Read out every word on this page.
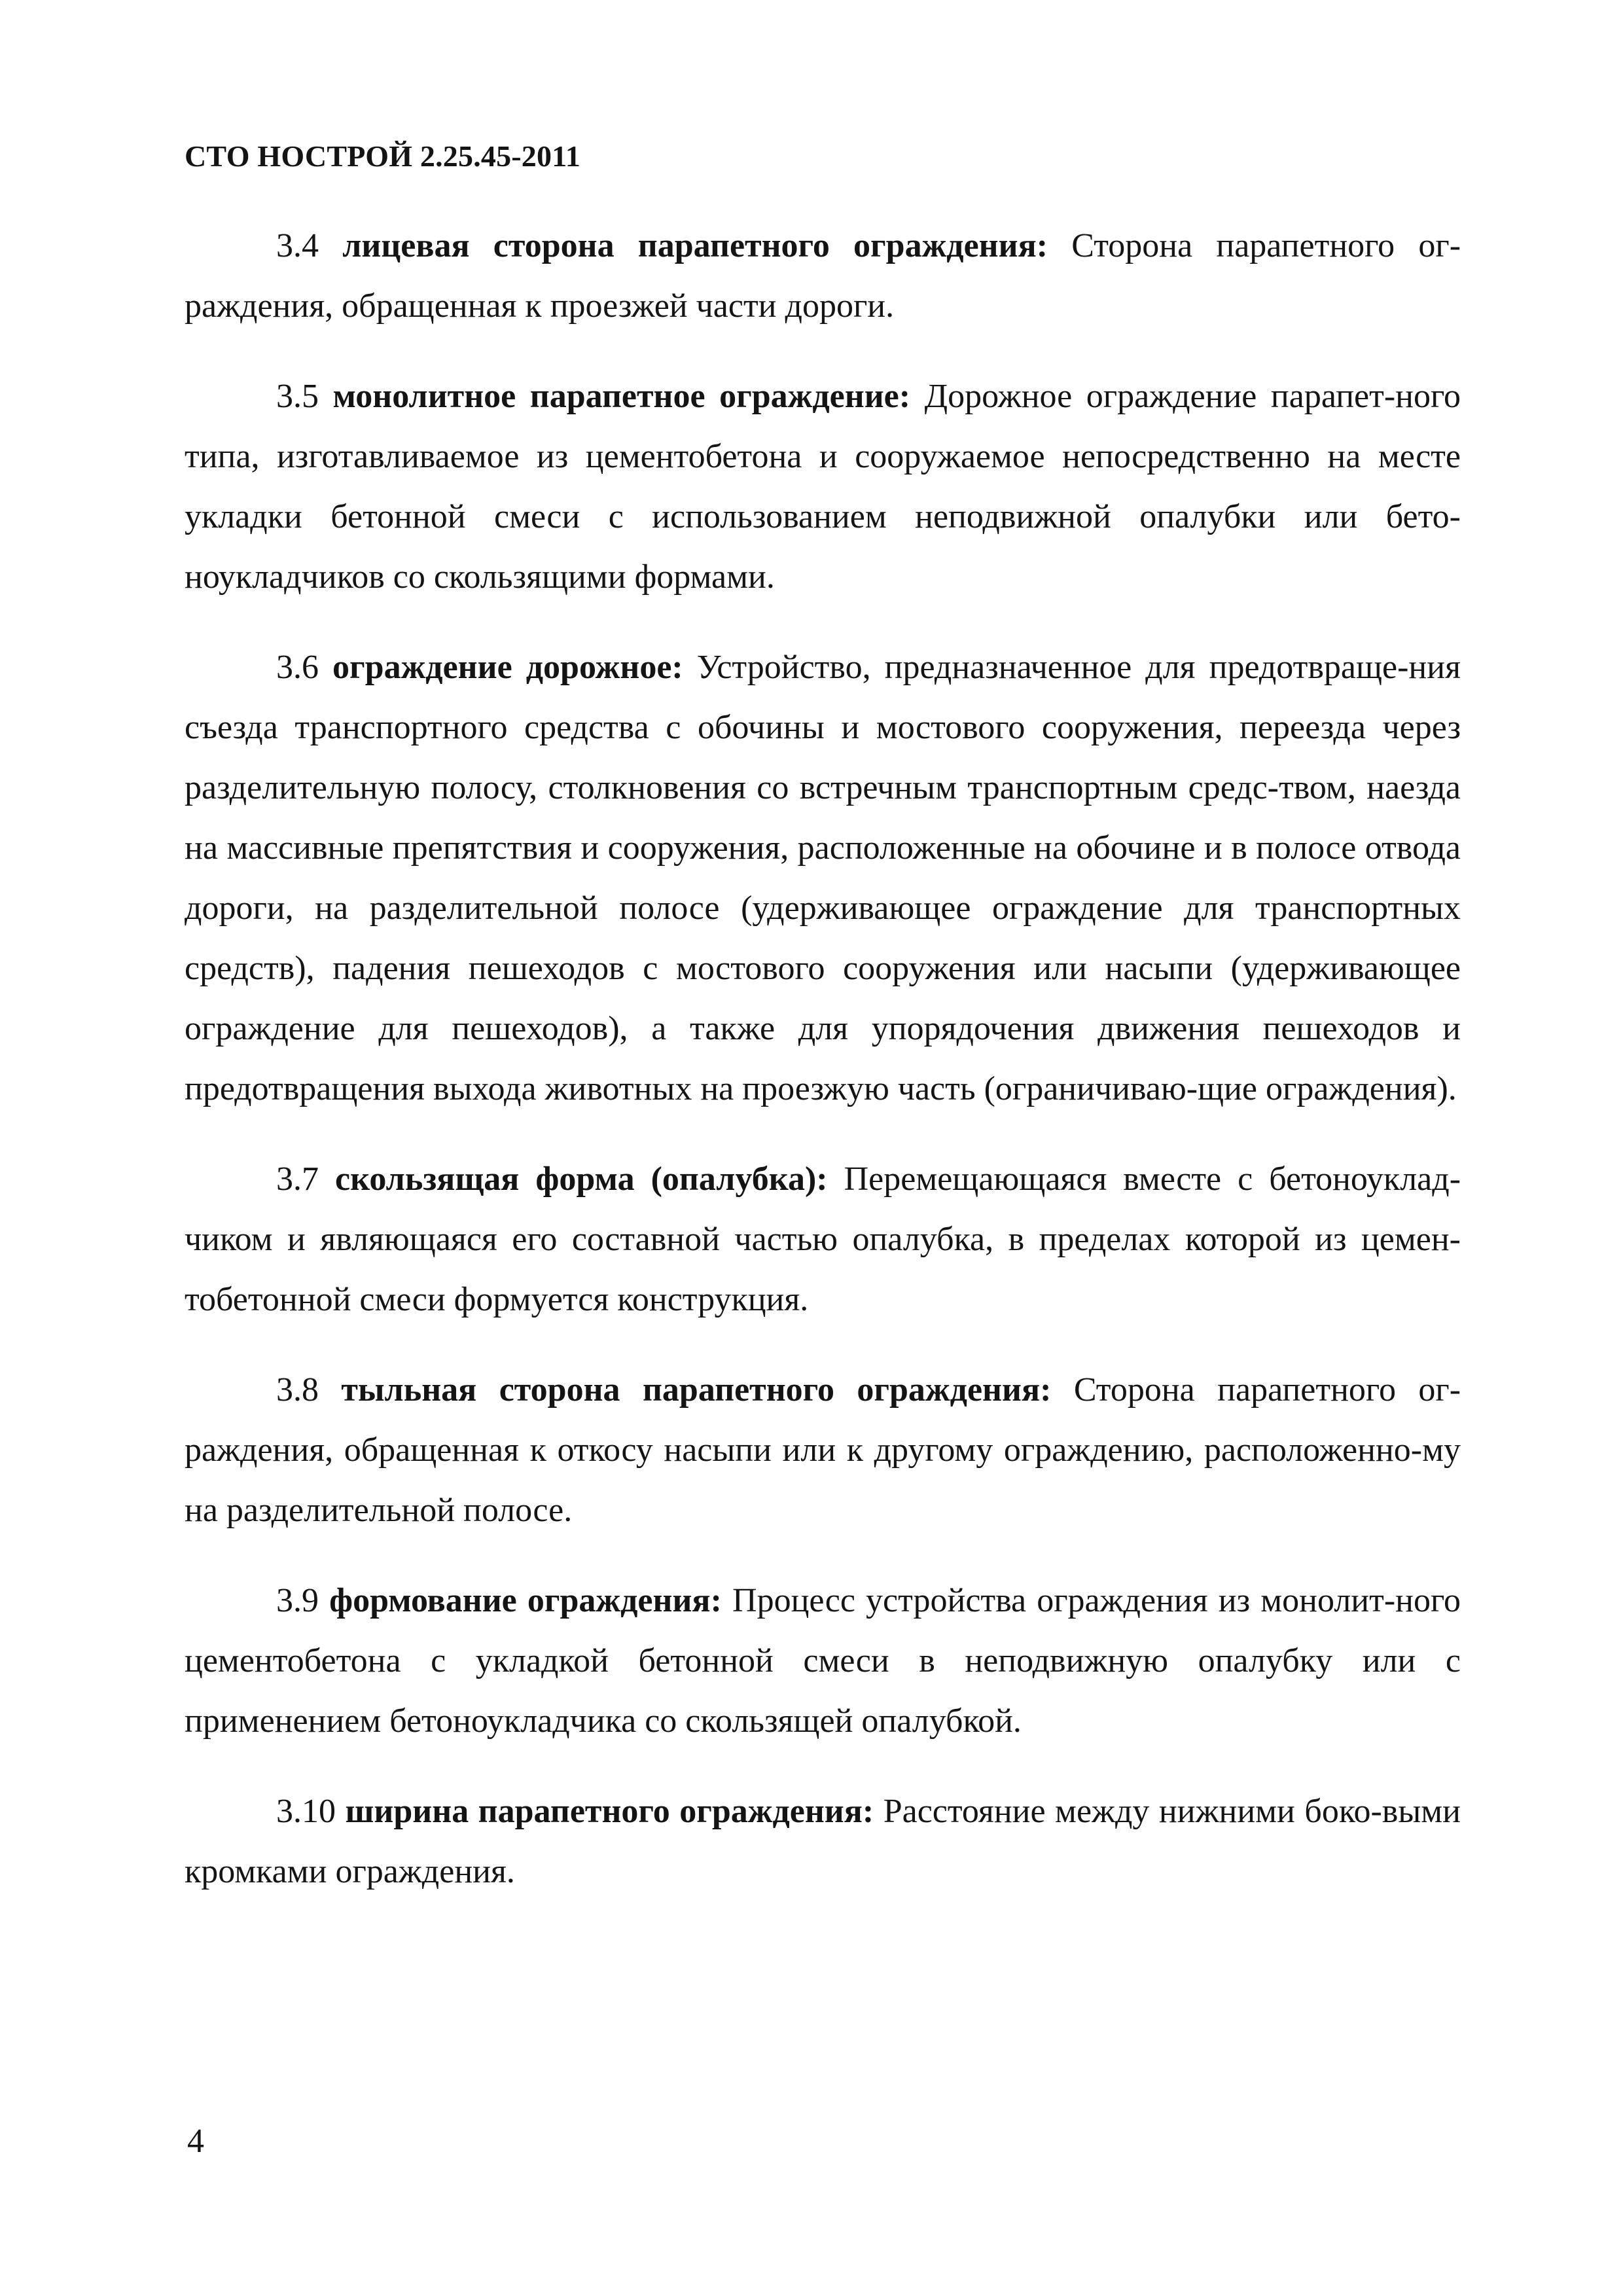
СТО НОСТРОЙ 2.25.45-2011

3.4 лицевая сторона парапетного ограждения: Сторона парапетного ог-раждения, обращенная к проезжей части дороги.

3.5 монолитное парапетное ограждение: Дорожное ограждение парапет-ного типа, изготавливаемое из цементобетона и сооружаемое непосредственно на месте укладки бетонной смеси с использованием неподвижной опалубки или бето-ноукладчиков со скользящими формами.

3.6 ограждение дорожное: Устройство, предназначенное для предотвраще-ния съезда транспортного средства с обочины и мостового сооружения, переезда через разделительную полосу, столкновения со встречным транспортным средс-твом, наезда на массивные препятствия и сооружения, расположенные на обочине и в полосе отвода дороги, на разделительной полосе (удерживающее ограждение для транспортных средств), падения пешеходов с мостового сооружения или насыпи (удерживающее ограждение для пешеходов), а также для упорядочения движения пешеходов и предотвращения выхода животных на проезжую часть (ограничиваю-щие ограждения).

3.7 скользящая форма (опалубка): Перемещающаяся вместе с бетоноуклад-чиком и являющаяся его составной частью опалубка, в пределах которой из цемен-тобетонной смеси формуется конструкция.

3.8 тыльная сторона парапетного ограждения: Сторона парапетного ог-раждения, обращенная к откосу насыпи или к другому ограждению, расположенно-му на разделительной полосе.

3.9 формование ограждения: Процесс устройства ограждения из монолит-ного цементобетона с укладкой бетонной смеси в неподвижную опалубку или с применением бетоноукладчика со скользящей опалубкой.

3.10 ширина парапетного ограждения: Расстояние между нижними боко-выми кромками ограждения.

4
